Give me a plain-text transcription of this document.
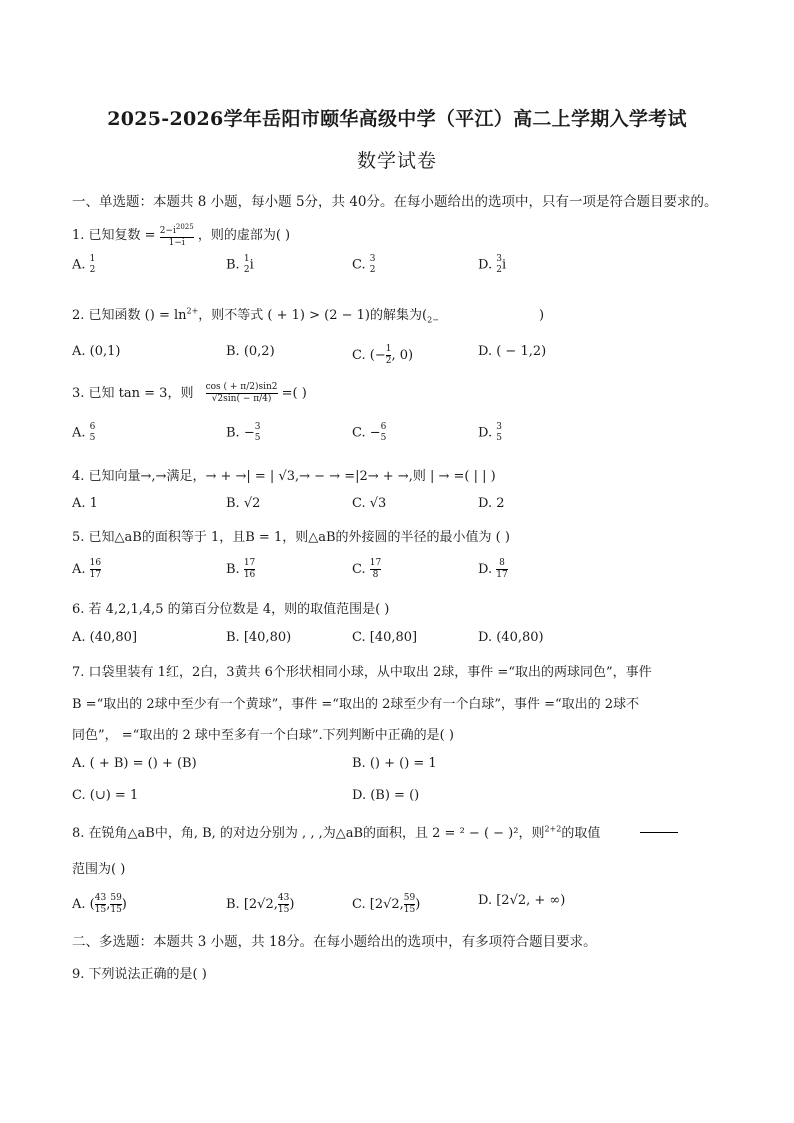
2025-2026学年岳阳市颐华高级中学（平江）高二上学期入学考试
数学试卷
一、单选题：本题共 8 小题，每小题 5分，共 40分。在每小题给出的选项中，只有一项是符合题目要求的。
1. 已知复数 = $\frac{2-i^{2025}}{1-i}$ ，则的虚部为( )
A. 1
2	B. 1
2 i	C. 3
2	D. 3
2 i
2. 已知函数 () = $\ln^{2+}$，则不等式 ( + 1) > (2 − 1)的解集为($_{2-}$	)
A. (0,1)	B. (0,2)	C. (− $\frac{1}{2}$ , 0)	D. ( − 1,2)
3. 已知 tan = 3，则 $\frac{\cos ( + \pi/2)\sin 2}{√2\sin( - \pi/4)}$ =( )
A. 6
5	B. − 3
5	C. − 6
5	D. 3
5
4. 已知向量→,→满足，→ + →| = | √3,→ − → =|2→ + →,则 | → =( | | )
A. 1	B. √2	C. √3	D. 2
5. 已知△aB的面积等于 1，且B = 1，则△aB的外接圆的半径的最小值为 ( )
A. $\frac{16}{17}$	B. $\frac{17}{16}$	C. $\frac{17}{8}$	D. $\frac{8}{17}$
6. 若 4,2,1,4,5 的第百分位数是 4，则的取值范围是( )
A. (40,80]	B. [40,80)	C. [40,80]	D. (40,80)
7. 口袋里装有 1红，2白，3黄共 6个形状相同小球，从中取出 2球，事件 =“取出的两球同色”，事件
B =“取出的 2球中至少有一个黄球”，事件 =“取出的 2球至少有一个白球”，事件 =“取出的 2球不
同色”， =“取出的 2 球中至多有一个白球”.下列判断中正确的是( )
A. ( + B) = () + (B)	B. () + () = 1
C. (∪) = 1	D. (B) = ()
8. 在锐角△aB中，角, B, 的对边分别为 , , ,为△aB的面积，且 2 = ² − ( − )²，则$^{2+2}$的取值
范围为( )
A. ( $\frac{43}{15}$ , $\frac{59}{15}$ )	B. [2√2, $\frac{43}{15}$ )	C. [2√2, $\frac{59}{15}$ )	D. [2√2, + ∞)
二、多选题：本题共 3 小题，共 18分。在每小题给出的选项中，有多项符合题目要求。
9. 下列说法正确的是( )
